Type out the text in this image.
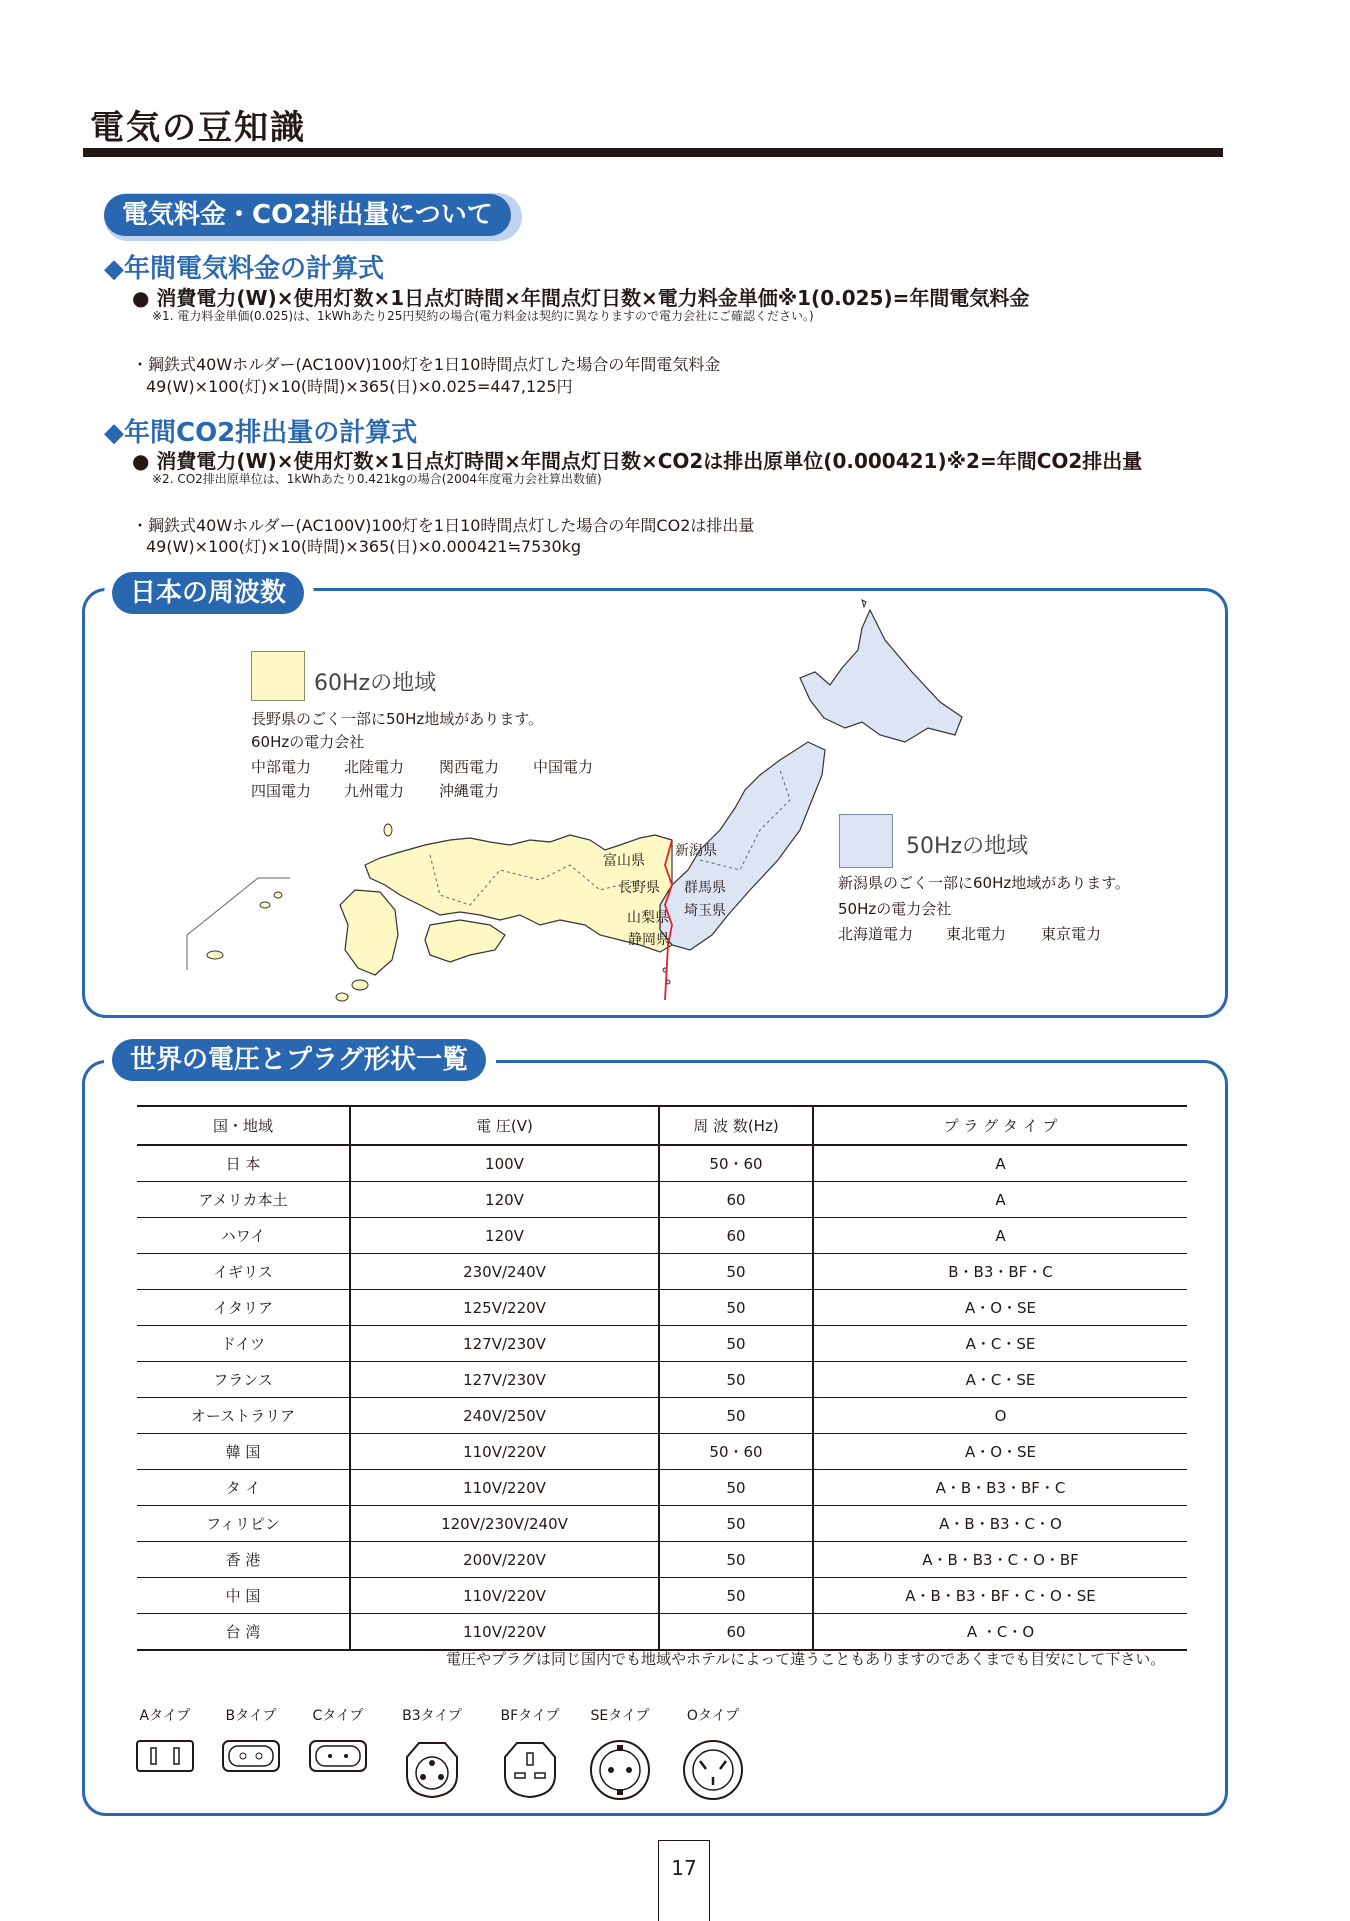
電気の豆知識
電気料金・CO2排出量について
◆年間電気料金の計算式
● 消費電力(W)×使用灯数×1日点灯時間×年間点灯日数×電力料金単価※1(0.025)=年間電気料金
※1. 電力料金単価(0.025)は、1kWhあたり25円契約の場合(電力料金は契約に異なりますので電力会社にご確認ください。)
・鋼鉄式40Wホルダー(AC100V)100灯を1日10時間点灯した場合の年間電気料金
49(W)×100(灯)×10(時間)×365(日)×0.025=447,125円
◆年間CO2排出量の計算式
● 消費電力(W)×使用灯数×1日点灯時間×年間点灯日数×CO2は排出原単位(0.000421)※2=年間CO2排出量
※2. CO2排出原単位は、1kWhあたり0.421kgの場合(2004年度電力会社算出数値)
・鋼鉄式40Wホルダー(AC100V)100灯を1日10時間点灯した場合の年間CO2は排出量
49(W)×100(灯)×10(時間)×365(日)×0.000421≒7530kg
日本の周波数
60Hzの地域
長野県のごく一部に50Hz地域があります。
60Hzの電力会社
中部電力 北陸電力 関西電力 中国電力
四国電力 九州電力 沖縄電力
50Hzの地域
新潟県のごく一部に60Hz地域があります。
50Hzの電力会社
北海道電力 東北電力 東京電力
富山県
新潟県
長野県 群馬県
山梨県 埼玉県
静岡県
世界の電圧とプラグ形状一覧
国・地域	電 圧(V)	周 波 数(Hz)	プ ラ グ タ イ プ
日 本	100V	50・60	A
アメリカ本土	120V	60	A
ハワイ	120V	60	A
イギリス	230V/240V	50	B・B3・BF・C
イタリア	125V/220V	50	A・O・SE
ドイツ	127V/230V	50	A・C・SE
フランス	127V/230V	50	A・C・SE
オーストラリア	240V/250V	50	O
韓 国	110V/220V	50・60	A・O・SE
タ イ	110V/220V	50	A・B・B3・BF・C
フィリピン	120V/230V/240V	50	A・B・B3・C・O
香 港	200V/220V	50	A・B・B3・C・O・BF
中 国	110V/220V	50	A・B・B3・BF・C・O・SE
台 湾	110V/220V	60	A ・C・O
電圧やプラグは同じ国内でも地域やホテルによって違うこともありますのであくまでも目安にして下さい。
Aタイプ	Bタイプ	Cタイプ	B3タイプ	BFタイプ	SEタイプ	Oタイプ
17
